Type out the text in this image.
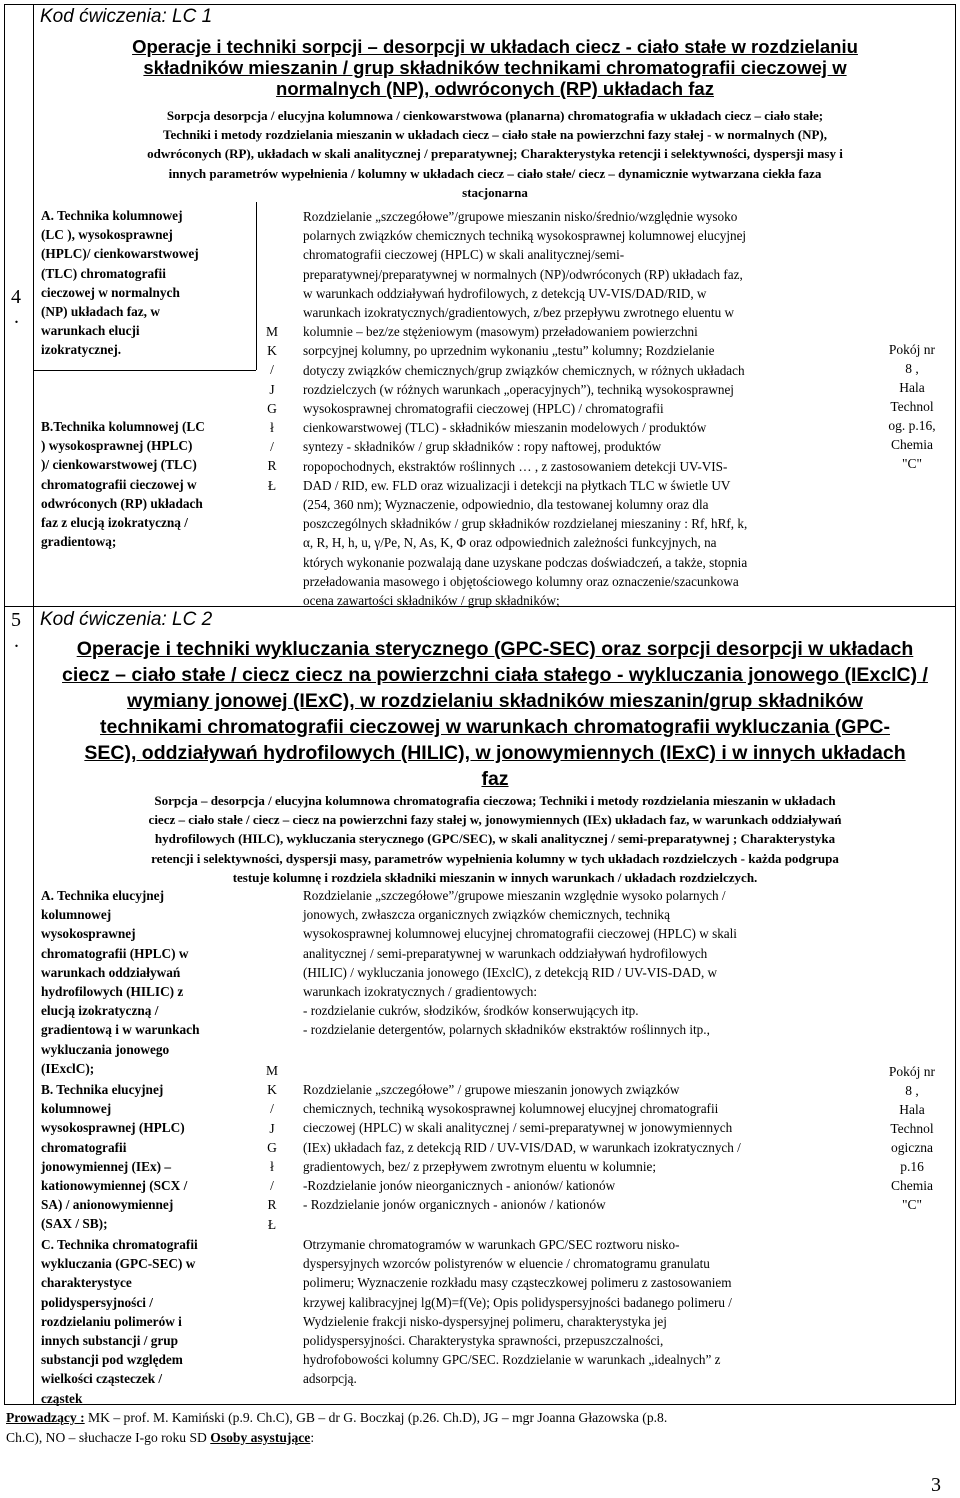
4
.
Kod ćwiczenia: LC 1
Operacje i techniki sorpcji – desorpcji w układach ciecz - ciało stałe w rozdzielaniu
składników mieszanin / grup składników technikami chromatografii cieczowej w
normalnych (NP), odwróconych (RP) układach faz
Sorpcja desorpcja / elucyjna kolumnowa / cienkowarstwowa (planarna) chromatografia w układach ciecz – ciało stałe;
Techniki i metody rozdzielania mieszanin w układach ciecz – ciało stałe na powierzchni fazy stałej - w normalnych (NP),
odwróconych (RP), układach w skali analitycznej / preparatywnej; Charakterystyka retencji i selektywności, dyspersji masy i
innych parametrów wypełnienia / kolumny w układach ciecz – ciało stałe/ ciecz – dynamicznie wytwarzana ciekła faza
stacjonarna
A. Technika kolumnowej
(LC ), wysokosprawnej
(HPLC)/ cienkowarstwowej
(TLC) chromatografii
cieczowej w normalnych
(NP) układach faz, w
warunkach elucji
izokratycznej.
B.Technika kolumnowej (LC
) wysokosprawnej (HPLC)
)/ cienkowarstwowej (TLC)
chromatografii cieczowej w
odwróconych (RP) układach
faz z elucją izokratyczną /
gradientową;
M
K
/
J
G
ł
/
R
Ł
Rozdzielanie „szczegółowe”/grupowe mieszanin nisko/średnio/względnie wysoko
polarnych związków chemicznych techniką wysokosprawnej kolumnowej elucyjnej
chromatografii cieczowej (HPLC) w skali analitycznej/semi-
preparatywnej/preparatywnej w normalnych (NP)/odwróconych (RP) układach faz,
w warunkach oddziaływań hydrofilowych, z detekcją UV-VIS/DAD/RID, w
warunkach izokratycznych/gradientowych, z/bez przepływu zwrotnego eluentu w
kolumnie – bez/ze stężeniowym (masowym) przeładowaniem powierzchni
sorpcyjnej kolumny, po uprzednim wykonaniu „testu” kolumny; Rozdzielanie
dotyczy związków chemicznych/grup związków chemicznych, w różnych układach
rozdzielczych (w różnych warunkach „operacyjnych”), techniką wysokosprawnej
wysokosprawnej chromatografii cieczowej (HPLC) / chromatografii
cienkowarstwowej (TLC) - składników mieszanin modelowych / produktów
syntezy - składników / grup składników : ropy naftowej, produktów
ropopochodnych, ekstraktów roślinnych … , z zastosowaniem detekcji UV-VIS-
DAD / RID, ew. FLD oraz wizualizacji i detekcji na płytkach TLC w świetle UV
(254, 360 nm); Wyznaczenie, odpowiednio, dla testowanej kolumny oraz dla
poszczególnych składników / grup składników rozdzielanej mieszaniny : Rf, hRf, k,
α, R, H, h, u, γ/Pe, N, As, K, Φ oraz odpowiednich zależności funkcyjnych, na
których wykonanie pozwalają dane uzyskane podczas doświadczeń, a także, stopnia
przeładowania masowego i objętościowego kolumny oraz oznaczenie/szacunkowa
ocena zawartości składników / grup składników;
Pokój nr
8 ,
Hala
Technol
og. p.16,
Chemia
"C"
5
.
Kod ćwiczenia: LC 2
Operacje i techniki wykluczania sterycznego (GPC-SEC) oraz sorpcji desorpcji w układach
ciecz – ciało stałe / ciecz ciecz na powierzchni ciała stałego - wykluczania jonowego (IExclC) /
wymiany jonowej (IExC), w rozdzielaniu składników mieszanin/grup składników
technikami chromatografii cieczowej w warunkach chromatografii wykluczania (GPC-
SEC), oddziaływań hydrofilowych (HILIC), w jonowymiennych (IExC) i w innych układach
faz
Sorpcja – desorpcja / elucyjna kolumnowa chromatografia cieczowa; Techniki i metody rozdzielania mieszanin w układach
ciecz – ciało stałe / ciecz – ciecz na powierzchni fazy stałej w, jonowymiennych (IEx) układach faz, w warunkach oddziaływań
hydrofilowych (HILC), wykluczania sterycznego (GPC/SEC), w skali analitycznej / semi-preparatywnej ; Charakterystyka
retencji i selektywności, dyspersji masy, parametrów wypełnienia kolumny w tych układach rozdzielczych - każda podgrupa
testuje kolumnę i rozdziela składniki mieszanin w innych warunkach / układach rozdzielczych.
A. Technika elucyjnej
kolumnowej
wysokosprawnej
chromatografii (HPLC) w
warunkach oddziaływań
hydrofilowych (HILIC) z
elucją izokratyczną /
gradientową i w warunkach
wykluczania jonowego
(IExclC);
B. Technika elucyjnej
kolumnowej
wysokosprawnej (HPLC)
chromatografii
jonowymiennej (IEx) –
kationowymiennej (SCX /
SA) / anionowymiennej
(SAX / SB);
C. Technika chromatografii
wykluczania (GPC-SEC) w
charakterystyce
polidyspersyjności /
rozdzielaniu polimerów i
innych substancji / grup
substancji pod względem
wielkości cząsteczek /
cząstek
M
K
/
J
G
ł
/
R
Ł
Rozdzielanie „szczegółowe”/grupowe mieszanin względnie wysoko polarnych /
jonowych, zwłaszcza organicznych związków chemicznych, techniką
wysokosprawnej kolumnowej elucyjnej chromatografii cieczowej (HPLC) w skali
analitycznej / semi-preparatywnej w warunkach oddziaływań hydrofilowych
(HILIC) / wykluczania jonowego (IExclC), z detekcją RID / UV-VIS-DAD, w
warunkach izokratycznych / gradientowych:
- rozdzielanie cukrów, słodzików, środków konserwujących itp.
- rozdzielanie detergentów, polarnych składników ekstraktów roślinnych itp.,
Rozdzielanie „szczegółowe” / grupowe mieszanin jonowych związków
chemicznych, techniką wysokosprawnej kolumnowej elucyjnej chromatografii
cieczowej (HPLC) w skali analitycznej / semi-preparatywnej w jonowymiennych
(IEx) układach faz, z detekcją RID / UV-VIS/DAD, w warunkach izokratycznych /
gradientowych, bez/ z przepływem zwrotnym eluentu w kolumnie;
-Rozdzielanie jonów nieorganicznych - anionów/ kationów
- Rozdzielanie jonów organicznych - anionów / kationów
Otrzymanie chromatogramów w warunkach GPC/SEC roztworu nisko-
dyspersyjnych wzorców polistyrenów w eluencie / chromatogramu granulatu
polimeru; Wyznaczenie rozkładu masy cząsteczkowej polimeru z zastosowaniem
krzywej kalibracyjnej lg(M)=f(Ve); Opis polidyspersyjności badanego polimeru /
Wydzielenie frakcji nisko-dyspersyjnej polimeru, charakterystyka jej
polidyspersyjności. Charakterystyka sprawności, przepuszczalności,
hydrofobowości kolumny GPC/SEC. Rozdzielanie w warunkach „idealnych” z
adsorpcją.
Pokój nr
8 ,
Hala
Technol
ogiczna
p.16
Chemia
"C"
Prowadzący : MK – prof. M. Kamiński (p.9. Ch.C), GB – dr G. Boczkaj (p.26. Ch.D), JG – mgr Joanna Głazowska (p.8.
Ch.C), NO – słuchacze I-go roku SD Osoby asystujące:
3
